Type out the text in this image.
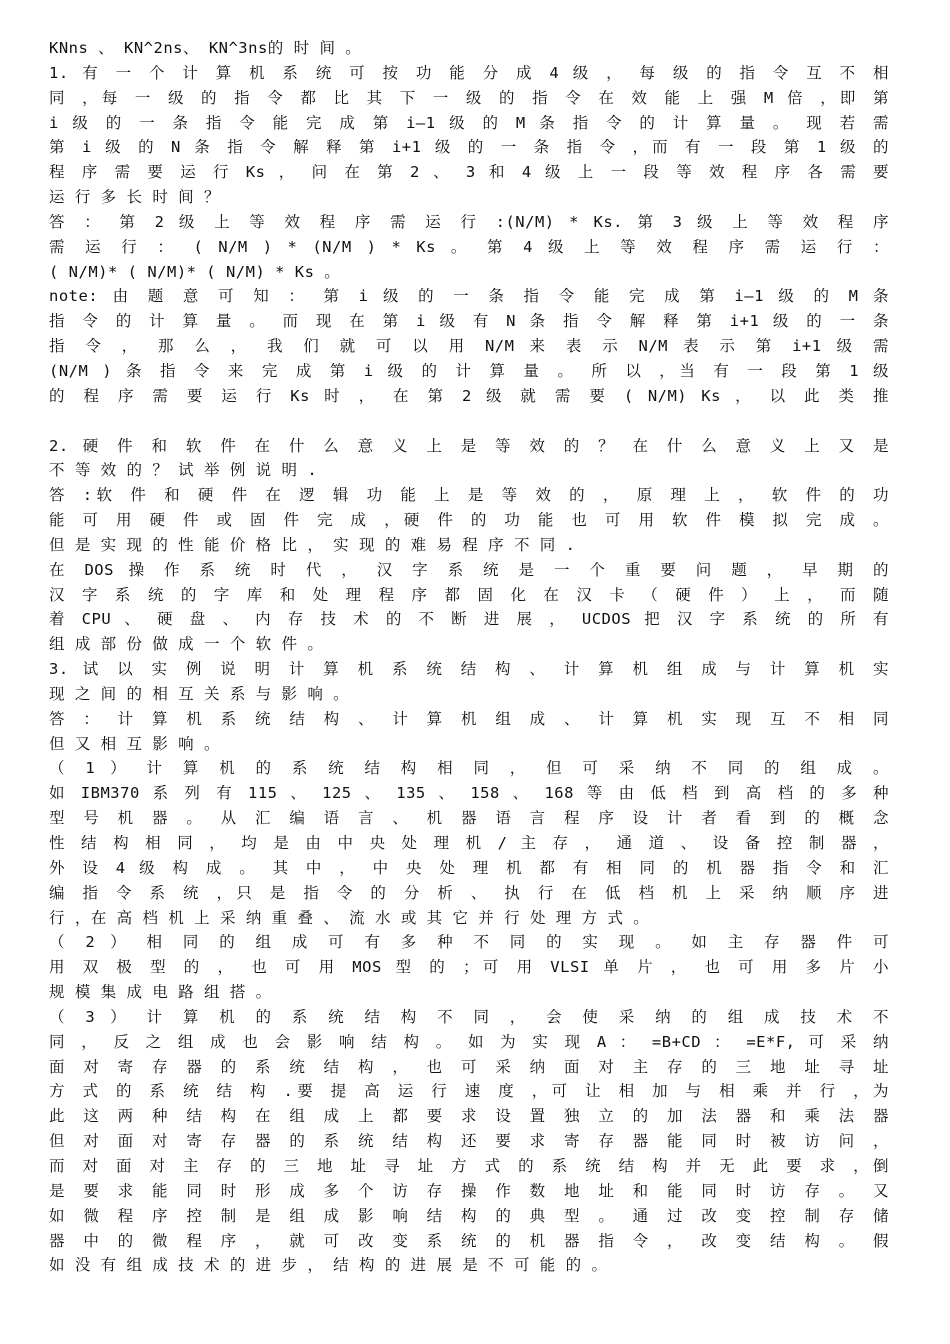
KNns 、 KN^2ns、 KN^3ns的 时 间 。
1. 有 一 个 计 算 机 系 统 可 按 功 能 分 成 4 级 ， 每 级 的 指 令 互 不 相
同 ，每 一 级 的 指 令 都 比 其 下 一 级 的 指 令 在 效 能 上 强 M 倍 ，即 第
i 级 的 一 条 指 令 能 完 成 第 i—1 级 的 M 条 指 令 的 计 算 量 。 现 若 需
第 i 级 的 N 条 指 令 解 释 第 i+1 级 的 一 条 指 令 ，而 有 一 段 第 1 级 的
程 序 需 要 运 行 Ks ， 问 在 第 2 、 3 和 4 级 上 一 段 等 效 程 序 各 需 要
运 行 多 长 时 间 ？
答 ： 第 2 级 上 等 效 程 序 需 运 行 :(N/M) * Ks. 第 3 级 上 等 效 程 序
需 运 行 ： ( N/M ) * (N/M ) * Ks 。 第 4 级 上 等 效 程 序 需 运 行 ：
( N/M)* ( N/M)* ( N/M) * Ks 。
note: 由 题 意 可 知 ： 第 i 级 的 一 条 指 令 能 完 成 第 i—1 级 的 M 条
指 令 的 计 算 量 。 而 现 在 第 i 级 有 N 条 指 令 解 释 第 i+1 级 的 一 条
指 令 ， 那 么 ， 我 们 就 可 以 用 N/M 来 表 示 N/M 表 示 第 i+1 级 需
(N/M ) 条 指 令 来 完 成 第 i 级 的 计 算 量 。 所 以 ，当 有 一 段 第 1 级
的 程 序 需 要 运 行 Ks 时 ， 在 第 2 级 就 需 要 ( N/M) Ks ， 以 此 类 推
2. 硬 件 和 软 件 在 什 么 意 义 上 是 等 效 的 ？ 在 什 么 意 义 上 又 是
不 等 效 的 ？ 试 举 例 说 明 .
答 :软 件 和 硬 件 在 逻 辑 功 能 上 是 等 效 的 ， 原 理 上 ， 软 件 的 功
能 可 用 硬 件 或 固 件 完 成 ，硬 件 的 功 能 也 可 用 软 件 模 拟 完 成 。
但 是 实 现 的 性 能 价 格 比 ， 实 现 的 难 易 程 序 不 同 .
在 DOS 操 作 系 统 时 代 ， 汉 字 系 统 是 一 个 重 要 问 题 ， 早 期 的
汉 字 系 统 的 字 库 和 处 理 程 序 都 固 化 在 汉 卡 （ 硬 件 ） 上 ， 而 随
着 CPU 、 硬 盘 、 内 存 技 术 的 不 断 进 展 ， UCDOS 把 汉 字 系 统 的 所 有
组 成 部 份 做 成 一 个 软 件 。
3. 试 以 实 例 说 明 计 算 机 系 统 结 构 、 计 算 机 组 成 与 计 算 机 实
现 之 间 的 相 互 关 系 与 影 响 。
答 ： 计 算 机 系 统 结 构 、 计 算 机 组 成 、 计 算 机 实 现 互 不 相 同
但 又 相 互 影 响 。
（ 1 ） 计 算 机 的 系 统 结 构 相 同 ， 但 可 采 纳 不 同 的 组 成 。
如 IBM370 系 列 有 115 、 125 、 135 、 158 、 168 等 由 低 档 到 高 档 的 多 种
型 号 机 器 。 从 汇 编 语 言 、 机 器 语 言 程 序 设 计 者 看 到 的 概 念
性 结 构 相 同 ， 均 是 由 中 央 处 理 机 / 主 存 ， 通 道 、 设 备 控 制 器 ，
外 设 4 级 构 成 。 其 中 ， 中 央 处 理 机 都 有 相 同 的 机 器 指 令 和 汇
编 指 令 系 统 ，只 是 指 令 的 分 析 、 执 行 在 低 档 机 上 采 纳 顺 序 进
行 ，在 高 档 机 上 采 纳 重 叠 、 流 水 或 其 它 并 行 处 理 方 式 。
（ 2 ） 相 同 的 组 成 可 有 多 种 不 同 的 实 现 。 如 主 存 器 件 可
用 双 极 型 的 ， 也 可 用 MOS 型 的 ；可 用 VLSI 单 片 ， 也 可 用 多 片 小
规 模 集 成 电 路 组 搭 。
（ 3 ） 计 算 机 的 系 统 结 构 不 同 ， 会 使 采 纳 的 组 成 技 术 不
同 ， 反 之 组 成 也 会 影 响 结 构 。 如 为 实 现 A ： =B+CD ： =E*F, 可 采 纳
面 对 寄 存 器 的 系 统 结 构 ， 也 可 采 纳 面 对 主 存 的 三 地 址 寻 址
方 式 的 系 统 结 构 .要 提 高 运 行 速 度 ，可 让 相 加 与 相 乘 并 行 ，为
此 这 两 种 结 构 在 组 成 上 都 要 求 设 置 独 立 的 加 法 器 和 乘 法 器
但 对 面 对 寄 存 器 的 系 统 结 构 还 要 求 寄 存 器 能 同 时 被 访 问 ，
而 对 面 对 主 存 的 三 地 址 寻 址 方 式 的 系 统 结 构 并 无 此 要 求 ，倒
是 要 求 能 同 时 形 成 多 个 访 存 操 作 数 地 址 和 能 同 时 访 存 。 又
如 微 程 序 控 制 是 组 成 影 响 结 构 的 典 型 。 通 过 改 变 控 制 存 储
器 中 的 微 程 序 ， 就 可 改 变 系 统 的 机 器 指 令 ， 改 变 结 构 。 假
如 没 有 组 成 技 术 的 进 步 ， 结 构 的 进 展 是 不 可 能 的 。
